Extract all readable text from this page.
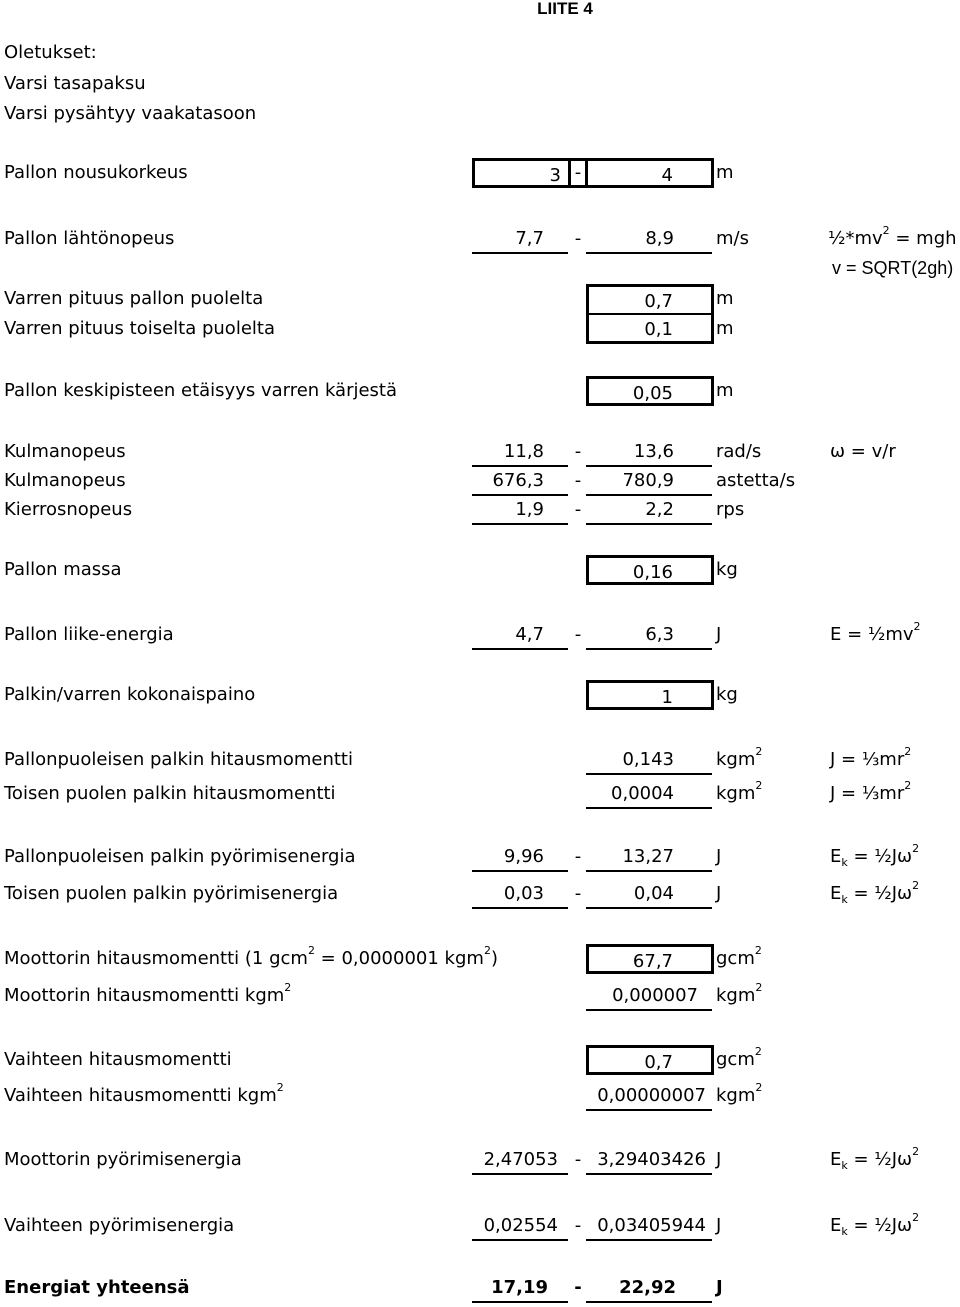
LIITE 4
Oletukset:
Varsi tasapaksu
Varsi pysähtyy vaakatasoon
Pallon nousukorkeus	3 -	4	m
Pallon lähtönopeus	7,7	-	8,9	m/s	$\frac{1}{2}*mv^2$ = mgh
v = SQRT(2gh)
Varren pituus pallon puolelta	0,7	m
Varren pituus toiselta puolelta	0,1	m
Pallon keskipisteen etäisyys varren kärjestä	0,05	m
Kulmanopeus	11,8	-	13,6	rad/s	ω = v/r
Kulmanopeus	676,3	-	780,9	astetta/s
Kierrosnopeus	1,9	-	2,2	rps
Pallon massa	0,16	kg
Pallon liike-energia	4,7	-	6,3	J	$E = \frac{1}{2}mv^2$
Palkin/varren kokonaispaino	1	kg
Pallonpuoleisen palkin hitausmomentti	0,143	kgm$^2$	$J = \frac{1}{3}mr^2$
Toisen puolen palkin hitausmomentti	0,0004	kgm$^2$	$J = \frac{1}{3}mr^2$
Pallonpuoleisen palkin pyörimisenergia	9,96	-	13,27	J	$E_k$ = $\frac{1}{2}J\omega^2$
Toisen puolen palkin pyörimisenergia	0,03	-	0,04	J	$E_k$ = $\frac{1}{2}J\omega^2$
Moottorin hitausmomentti (1 gcm$^2$ = 0,0000001 kgm$^2$)	67,7	gcm$^2$
Moottorin hitausmomentti kgm$^2$	0,000007	kgm$^2$
Vaihteen hitausmomentti	0,7	gcm$^2$
Vaihteen hitausmomentti kgm$^2$	0,00000007 kgm$^2$
Moottorin pyörimisenergia	2,47053 - 3,29403426 J	$E_k$ = $\frac{1}{2}J\omega^2$
Vaihteen pyörimisenergia	0,02554 - 0,03405944 J	$E_k$ = $\frac{1}{2}J\omega^2$
Energiat yhteensä	17,19	-	22,92	J
